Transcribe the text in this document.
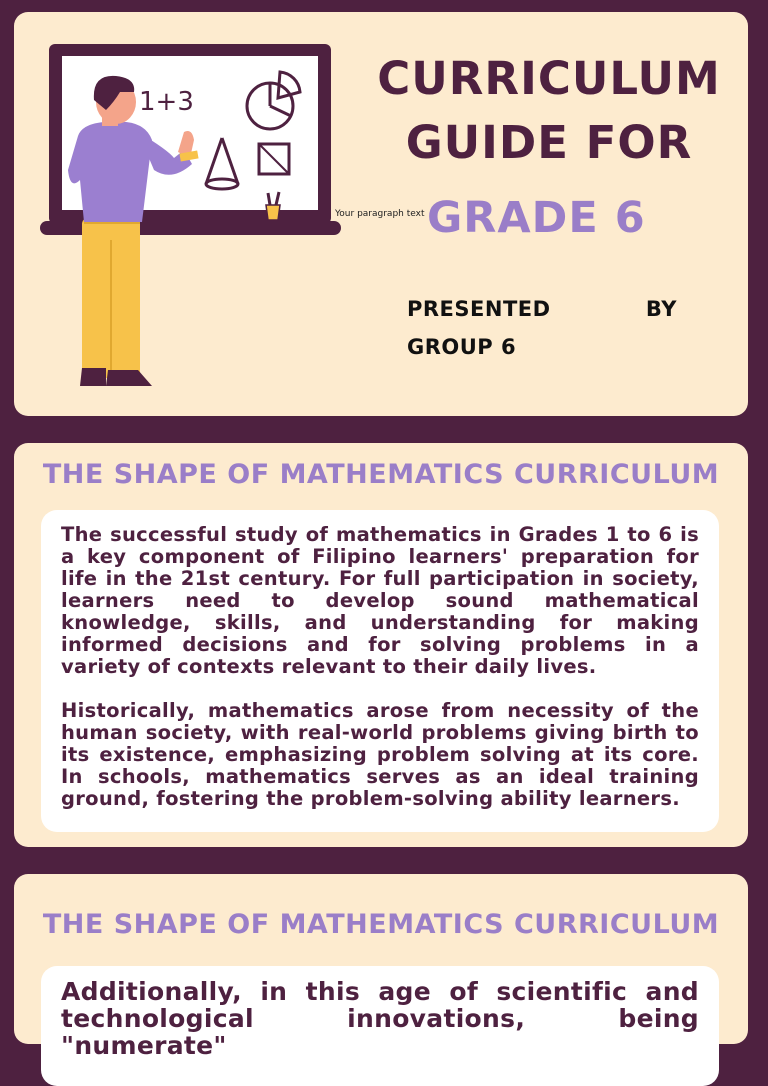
1+3	CURRICULUM
GUIDE FOR
Your paragraph text GRADE 6
PRESENTED	BY
GROUP 6
THE SHAPE OF MATHEMATICS CURRICULUM

The successful study of mathematics in Grades 1 to 6 is a key component of Filipino learners' preparation for life in the 21st century. For full participation in society, learners need to develop sound mathematical knowledge, skills, and understanding for making informed decisions and for solving problems in a variety of contexts relevant to their daily lives.

Historically, mathematics arose from necessity of the human society, with real-world problems giving birth to its existence, emphasizing problem solving at its core. In schools, mathematics serves as an ideal training ground, fostering the problem-solving ability learners.

THE SHAPE OF MATHEMATICS CURRICULUM

Additionally, in this age of scientific and technological innovations, being "numerate"
